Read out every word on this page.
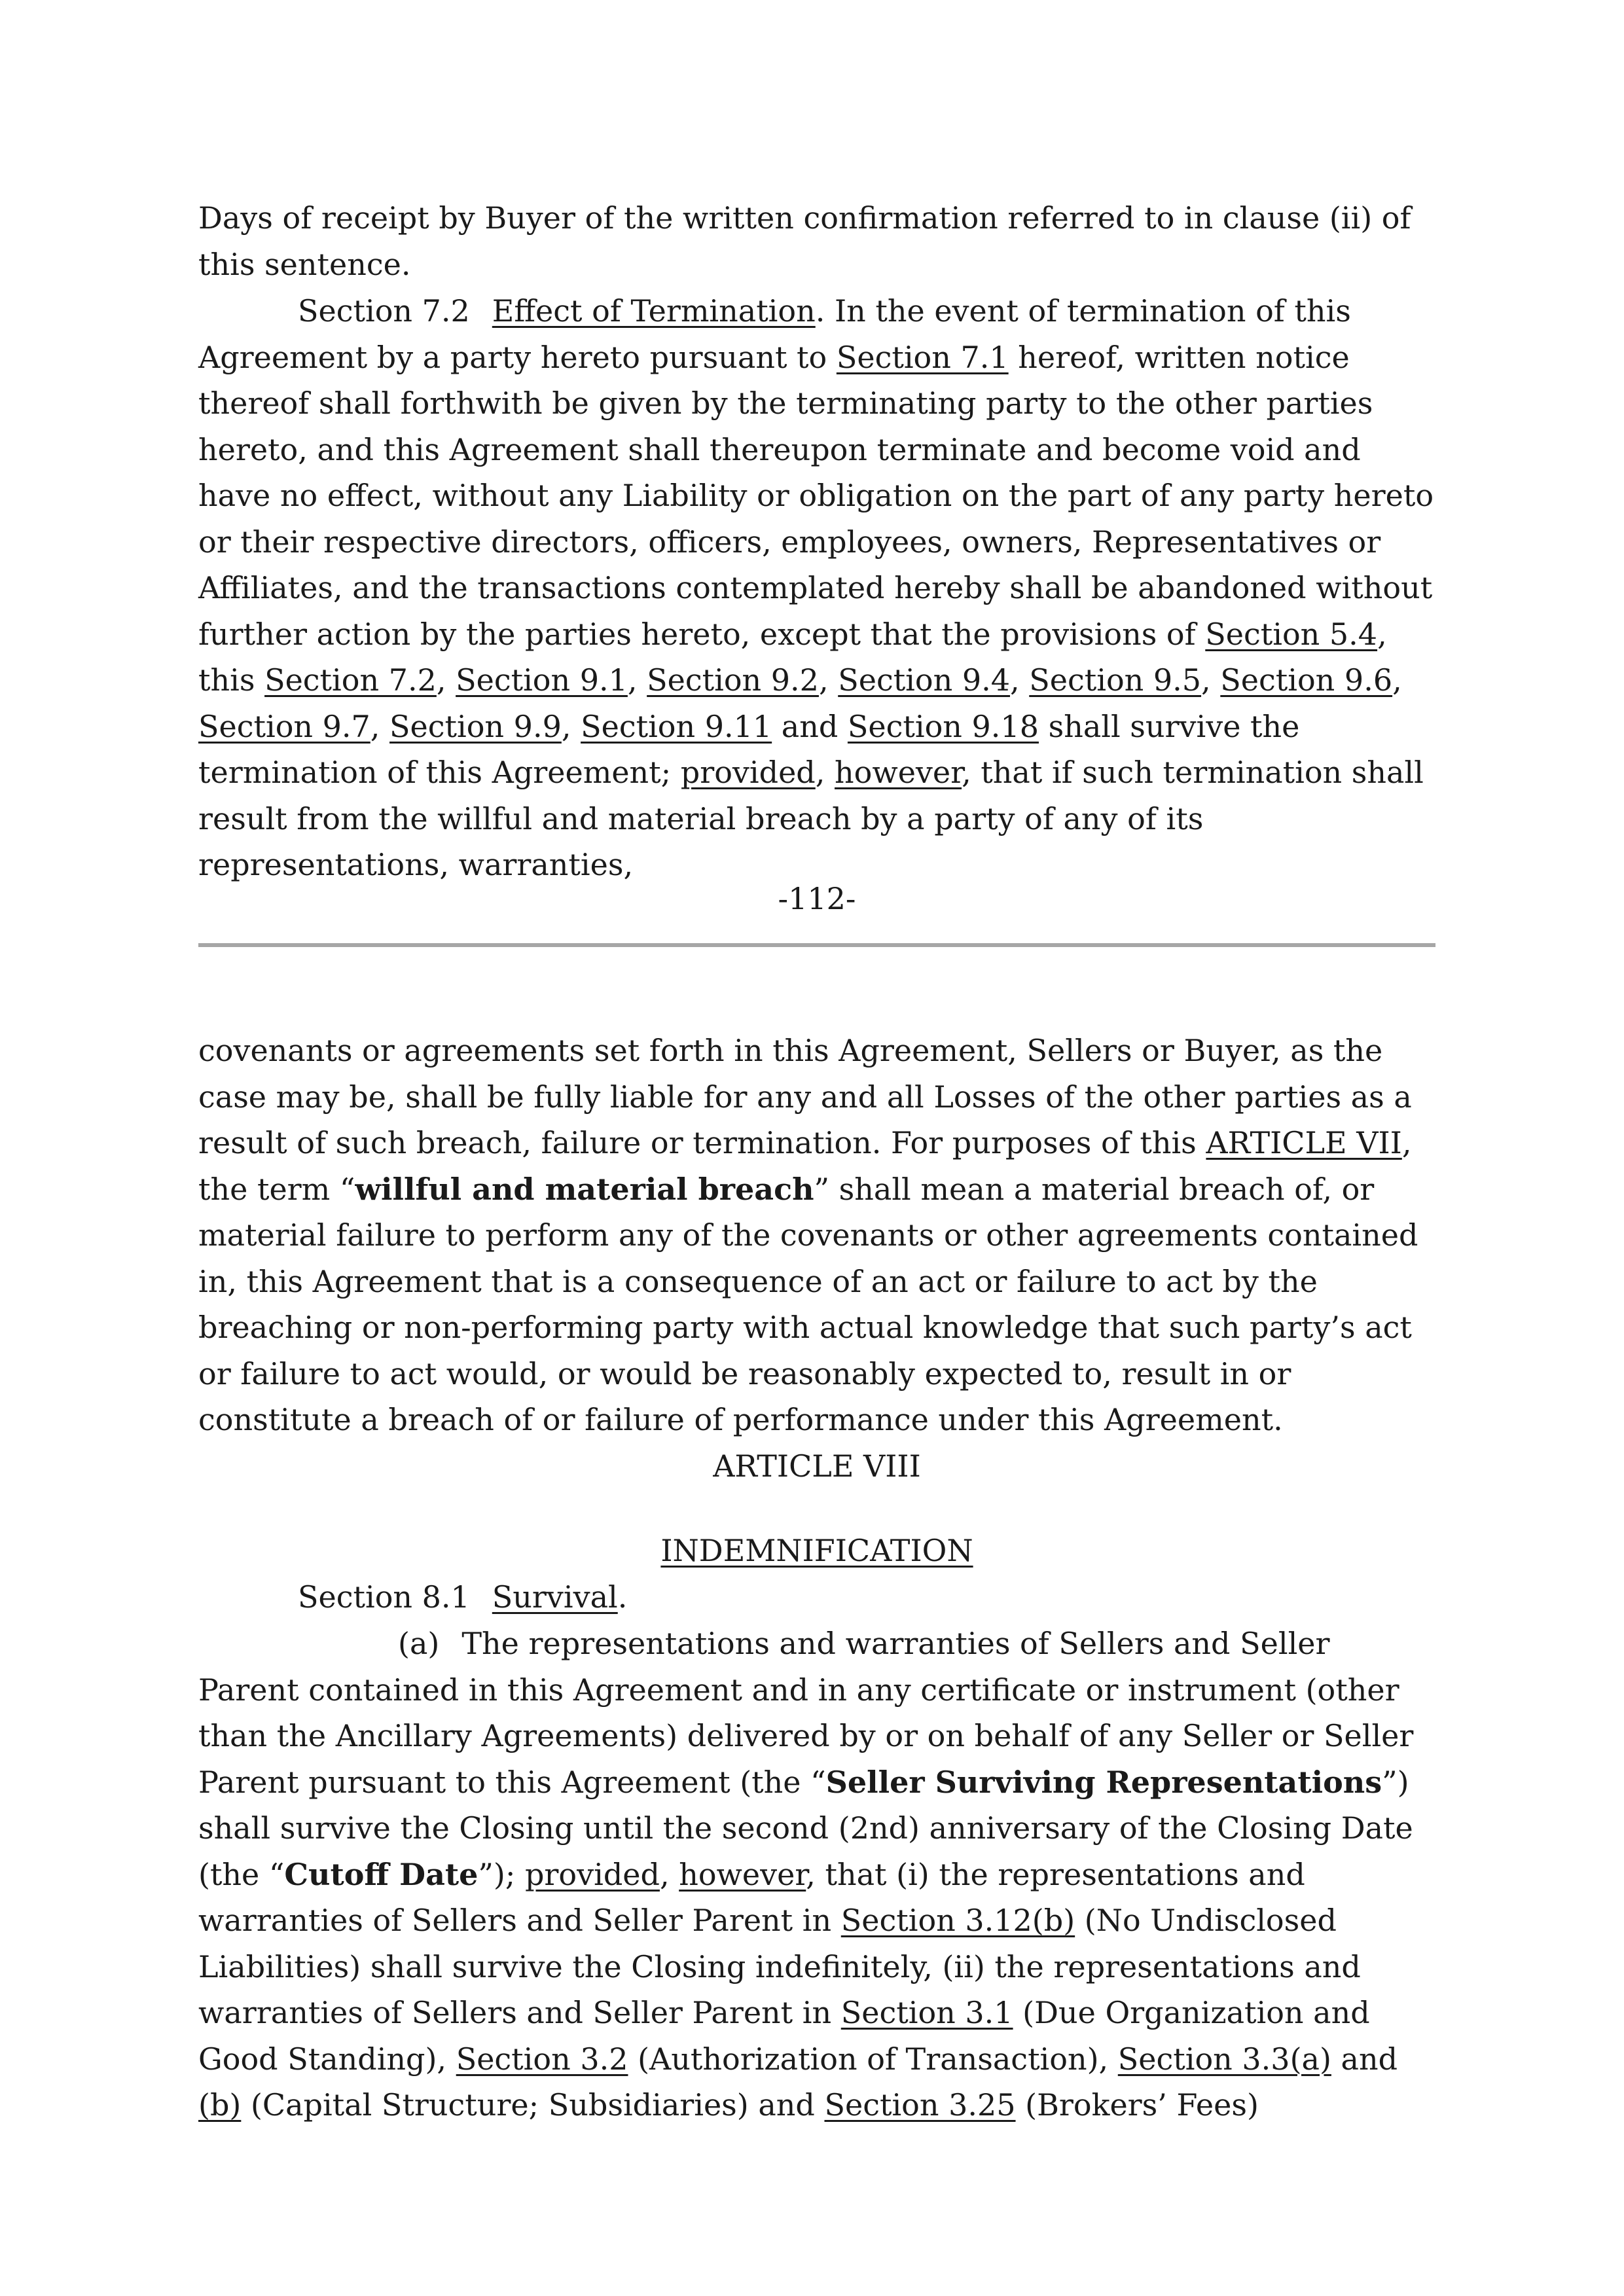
Days of receipt by Buyer of the written confirmation referred to in clause (ii) of this sentence.

Section 7.2 Effect of Termination. In the event of termination of this Agreement by a party hereto pursuant to Section 7.1 hereof, written notice thereof shall forthwith be given by the terminating party to the other parties hereto, and this Agreement shall thereupon terminate and become void and have no effect, without any Liability or obligation on the part of any party hereto or their respective directors, officers, employees, owners, Representatives or Affiliates, and the transactions contemplated hereby shall be abandoned without further action by the parties hereto, except that the provisions of Section 5.4, this Section 7.2, Section 9.1, Section 9.2, Section 9.4, Section 9.5, Section 9.6, Section 9.7, Section 9.9, Section 9.11 and Section 9.18 shall survive the termination of this Agreement; provided, however, that if such termination shall result from the willful and material breach by a party of any of its representations, warranties,

-112-

covenants or agreements set forth in this Agreement, Sellers or Buyer, as the case may be, shall be fully liable for any and all Losses of the other parties as a result of such breach, failure or termination. For purposes of this ARTICLE VII, the term “willful and material breach” shall mean a material breach of, or material failure to perform any of the covenants or other agreements contained in, this Agreement that is a consequence of an act or failure to act by the breaching or non-performing party with actual knowledge that such party’s act or failure to act would, or would be reasonably expected to, result in or constitute a breach of or failure of performance under this Agreement.

ARTICLE VIII

INDEMNIFICATION

Section 8.1 Survival.

(a) The representations and warranties of Sellers and Seller Parent contained in this Agreement and in any certificate or instrument (other than the Ancillary Agreements) delivered by or on behalf of any Seller or Seller Parent pursuant to this Agreement (the “Seller Surviving Representations”) shall survive the Closing until the second (2nd) anniversary of the Closing Date (the “Cutoff Date”); provided, however, that (i) the representations and warranties of Sellers and Seller Parent in Section 3.12(b) (No Undisclosed Liabilities) shall survive the Closing indefinitely, (ii) the representations and warranties of Sellers and Seller Parent in Section 3.1 (Due Organization and Good Standing), Section 3.2 (Authorization of Transaction), Section 3.3(a) and (b) (Capital Structure; Subsidiaries) and Section 3.25 (Brokers’ Fees)
